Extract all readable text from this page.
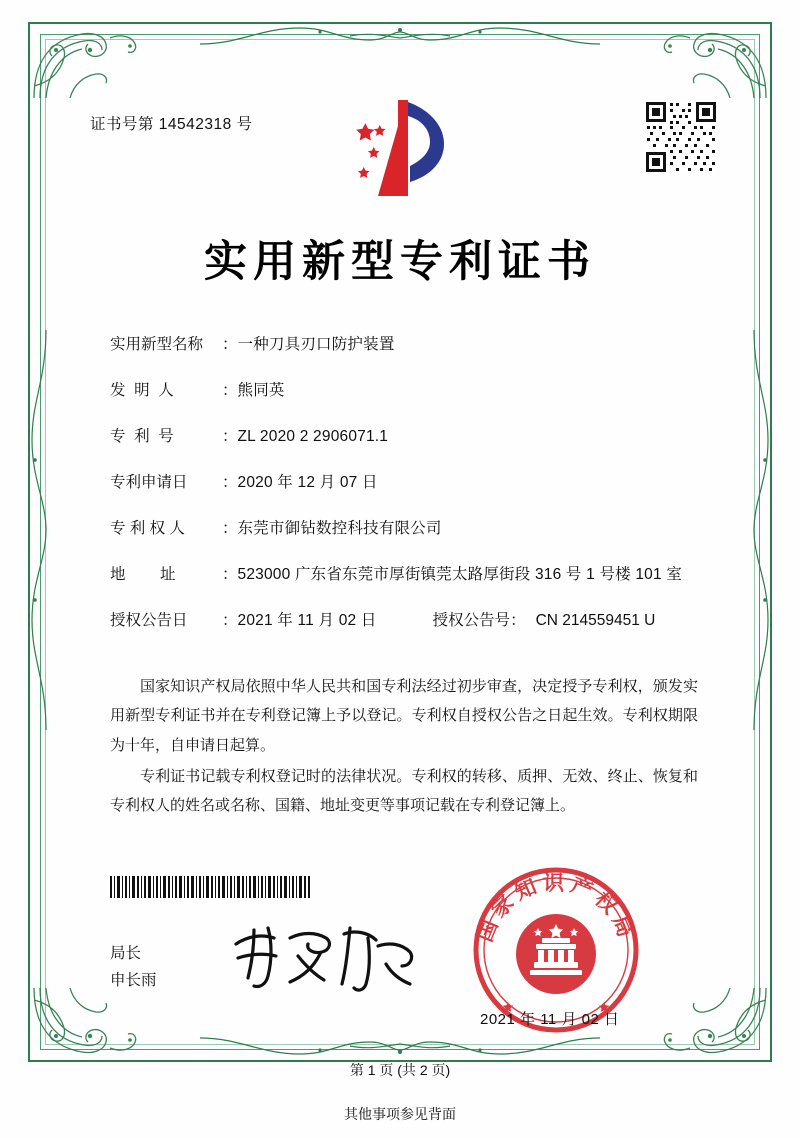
证书号第 14542318 号
实用新型专利证书
实用新型名称	： 一种刀具刃口防护装置
发  明  人	： 熊同英
专  利  号	： ZL 2020 2 2906071.1
专利申请日	： 2020 年 12 月 07 日
专 利 权 人	： 东莞市御钻数控科技有限公司
地        址	： 523000 广东省东莞市厚街镇莞太路厚街段 316 号 1 号楼 101 室
授权公告日	： 2021 年 11 月 02 日	授权公告号 ： CN 214559451 U

国家知识产权局依照中华人民共和国专利法经过初步审查，决定授予专利权，颁发实用新型专利证书并在专利登记簿上予以登记。专利权自授权公告之日起生效。专利权期限为十年，自申请日起算。

专利证书记载专利权登记时的法律状况。专利权的转移、质押、无效、终止、恢复和专利权人的姓名或名称、国籍、地址变更等事项记载在专利登记簿上。

局长
申长雨
国家知识产权局
2021 年 11 月 02 日
第 1 页 (共 2 页)
其他事项参见背面
